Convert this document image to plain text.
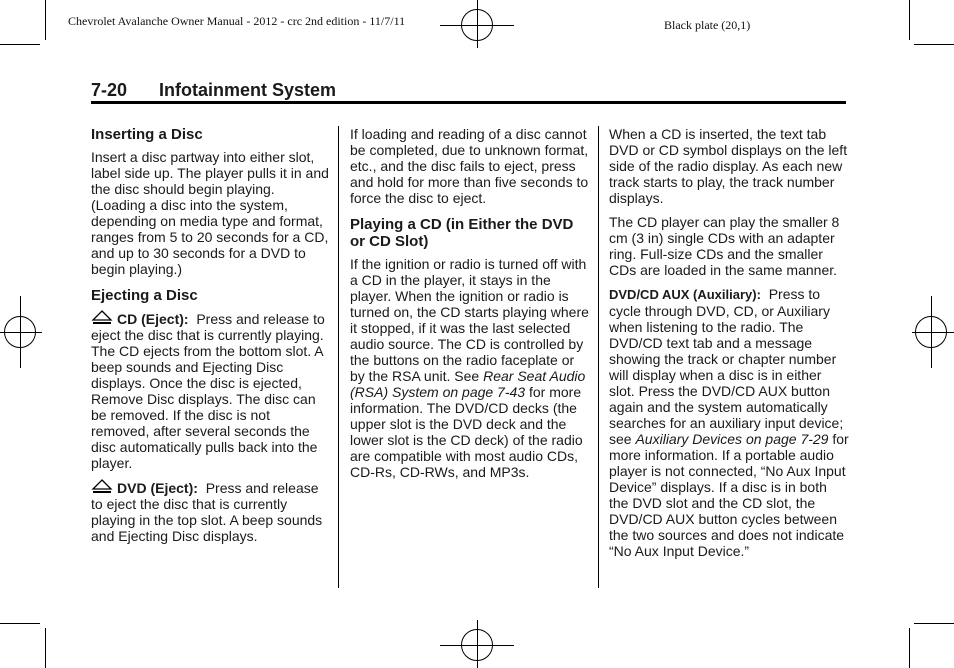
Chevrolet Avalanche Owner Manual - 2012 - crc 2nd edition - 11/7/11	Black plate (20,1)
7-20 Infotainment System
Inserting a Disc

Insert a disc partway into either slot, label side up. The player pulls it in and the disc should begin playing. (Loading a disc into the system, depending on media type and format, ranges from 5 to 20 seconds for a CD, and up to 30 seconds for a DVD to begin playing.)

Ejecting a Disc

CD (Eject): Press and release to eject the disc that is currently playing. The CD ejects from the bottom slot. A beep sounds and Ejecting Disc displays. Once the disc is ejected, Remove Disc displays. The disc can be removed. If the disc is not removed, after several seconds the disc automatically pulls back into the player.

DVD (Eject): Press and release to eject the disc that is currently playing in the top slot. A beep sounds and Ejecting Disc displays.

If loading and reading of a disc cannot be completed, due to unknown format, etc., and the disc fails to eject, press and hold for more than five seconds to force the disc to eject.

Playing a CD (in Either the DVD or CD Slot)

If the ignition or radio is turned off with a CD in the player, it stays in the player. When the ignition or radio is turned on, the CD starts playing where it stopped, if it was the last selected audio source. The CD is controlled by the buttons on the radio faceplate or by the RSA unit. See Rear Seat Audio (RSA) System on page 7-43 for more information. The DVD/CD decks (the upper slot is the DVD deck and the lower slot is the CD deck) of the radio are compatible with most audio CDs, CD-Rs, CD-RWs, and MP3s.

When a CD is inserted, the text tab DVD or CD symbol displays on the left side of the radio display. As each new track starts to play, the track number displays.

The CD player can play the smaller 8 cm (3 in) single CDs with an adapter ring. Full-size CDs and the smaller CDs are loaded in the same manner.

DVD/CD AUX (Auxiliary): Press to cycle through DVD, CD, or Auxiliary when listening to the radio. The DVD/CD text tab and a message showing the track or chapter number will display when a disc is in either slot. Press the DVD/CD AUX button again and the system automatically searches for an auxiliary input device; see Auxiliary Devices on page 7-29 for more information. If a portable audio player is not connected, “No Aux Input Device” displays. If a disc is in both the DVD slot and the CD slot, the DVD/CD AUX button cycles between the two sources and does not indicate “No Aux Input Device.”
